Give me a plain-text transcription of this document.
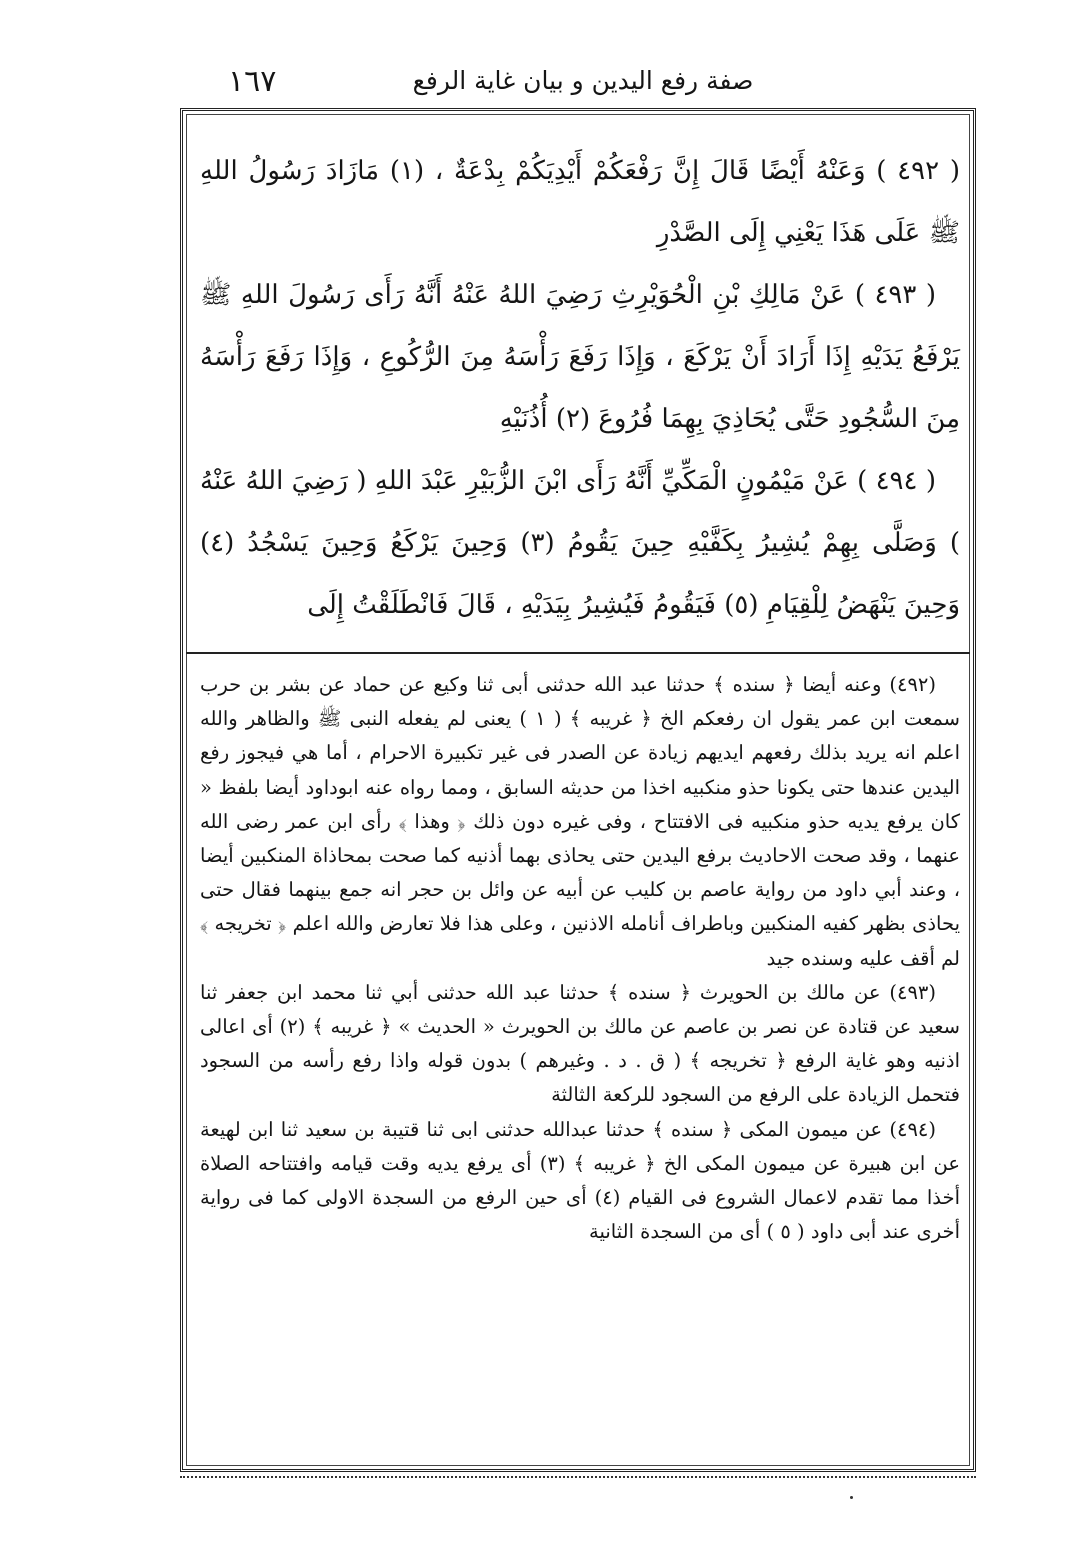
صفة رفع اليدين و بيان غاية الرفع
١٦٧

( ٤٩٢ ) وَعَنْهُ أَيْضًا قَالَ إِنَّ رَفْعَكُمْ أَيْدِيَكُمْ بِدْعَةٌ ، (١) مَازَادَ رَسُولُ اللهِ ﷺ عَلَى هَذَا يَعْنِي إِلَى الصَّدْرِ

( ٤٩٣ ) عَنْ مَالِكِ بْنِ الْحُوَيْرِثِ رَضِيَ اللهُ عَنْهُ أَنَّهُ رَأَى رَسُولَ اللهِ ﷺ يَرْفَعُ يَدَيْهِ إِذَا أَرَادَ أَنْ يَرْكَعَ ، وَإِذَا رَفَعَ رَأْسَهُ مِنَ الرُّكُوعِ ، وَإِذَا رَفَعَ رَأْسَهُ مِنَ السُّجُودِ حَتَّى يُحَاذِيَ بِهِمَا فُرُوعَ (٢) أُذُنَيْهِ

( ٤٩٤ ) عَنْ مَيْمُونٍ الْمَكِّيِّ أَنَّهُ رَأَى ابْنَ الزُّبَيْرِ عَبْدَ اللهِ ( رَضِيَ اللهُ عَنْهُ ) وَصَلَّى بِهِمْ يُشِيرُ بِكَفَّيْهِ حِينَ يَقُومُ (٣) وَحِينَ يَرْكَعُ وَحِينَ يَسْجُدُ (٤) وَحِينَ يَنْهَضُ لِلْقِيَامِ (٥) فَيَقُومُ فَيُشِيرُ بِيَدَيْهِ ، قَالَ فَانْطَلَقْتُ إِلَى

(٤٩٢) وعنه أيضا ﴿ سنده ﴾ حدثنا عبد الله حدثنى أبى ثنا وكيع عن حماد عن بشر بن حرب سمعت ابن عمر يقول ان رفعكم الخ ﴿ غريبه ﴾ ( ١ ) يعنى لم يفعله النبى ﷺ والظاهر والله اعلم انه يريد بذلك رفعهم ايديهم زيادة عن الصدر فى غير تكبيرة الاحرام ، أما هي فيجوز رفع اليدين عندها حتى يكونا حذو منكبيه اخذا من حديثه السابق ، ومما رواه عنه ابوداود أيضا بلفظ « كان يرفع يديه حذو منكبيه فى الافتتاح ، وفى غيره دون ذلك ﴿ وهذا ﴾ رأى ابن عمر رضى الله عنهما ، وقد صحت الاحاديث برفع اليدين حتى يحاذى بهما أذنيه كما صحت بمحاذاة المنكبين أيضا ، وعند أبي داود من رواية عاصم بن كليب عن أبيه عن وائل بن حجر انه جمع بينهما فقال حتى يحاذى بظهر كفيه المنكبين وباطراف أنامله الاذنين ، وعلى هذا فلا تعارض والله اعلم ﴿ تخريجه ﴾ لم أقف عليه وسنده جيد

(٤٩٣) عن مالك بن الحويرث ﴿ سنده ﴾ حدثنا عبد الله حدثنى أبي ثنا محمد ابن جعفر ثنا سعيد عن قتادة عن نصر بن عاصم عن مالك بن الحويرث « الحديث » ﴿ غريبه ﴾ (٢) أى اعالى اذنيه وهو غاية الرفع ﴿ تخريجه ﴾ ( ق . د . وغيرهم ) بدون قوله واذا رفع رأسه من السجود فتحمل الزيادة على الرفع من السجود للركعة الثالثة

(٤٩٤) عن ميمون المكى ﴿ سنده ﴾ حدثنا عبدالله حدثنى ابى ثنا قتيبة بن سعيد ثنا ابن لهيعة عن ابن هبيرة عن ميمون المكى الخ ﴿ غريبه ﴾ (٣) أى يرفع يديه وقت قيامه وافتتاحه الصلاة أخذا مما تقدم لاعمال الشروع فى القيام (٤) أى حين الرفع من السجدة الاولى كما فى رواية أخرى عند أبى داود ( ٥ ) أى من السجدة الثانية
